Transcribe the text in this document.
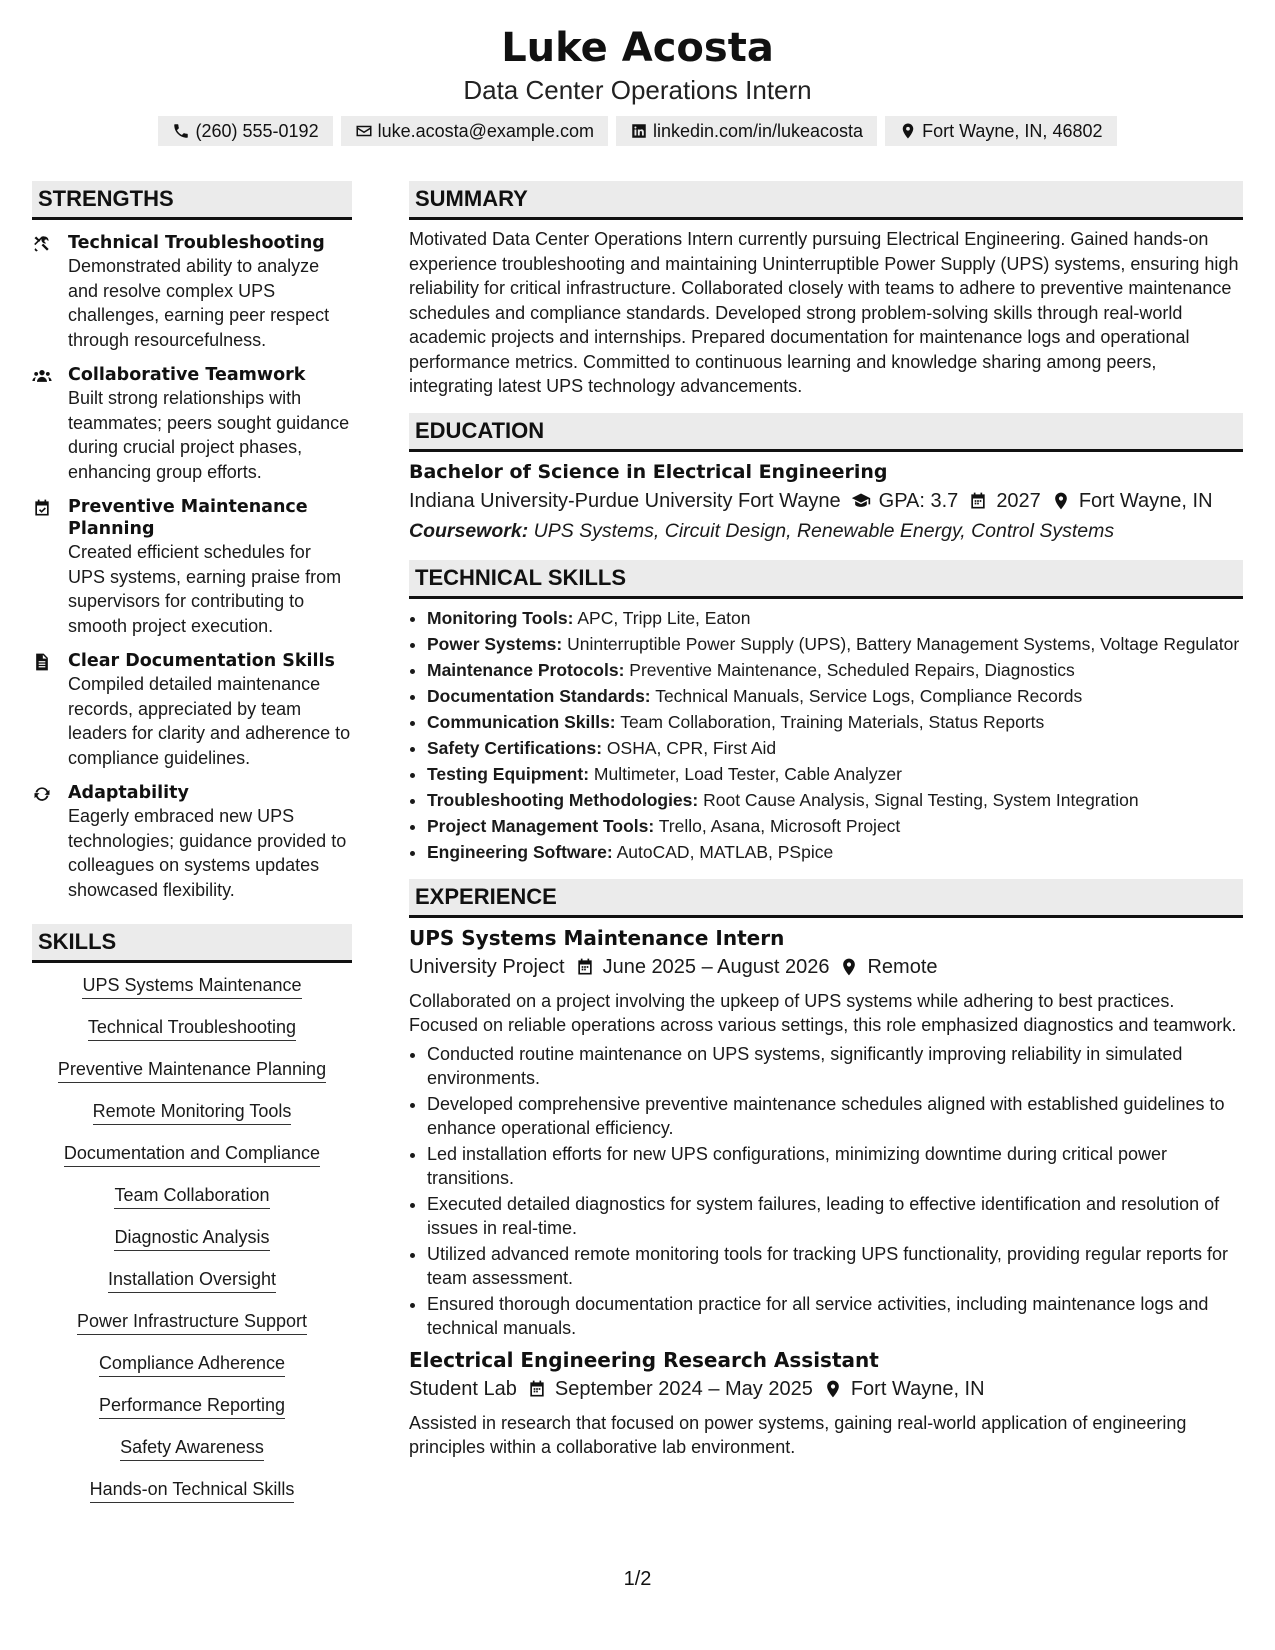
Luke Acosta
Data Center Operations Intern
(260) 555-0192	luke.acosta@example.com	linkedin.com/in/lukeacosta	Fort Wayne, IN, 46802
STRENGTHS
Technical Troubleshooting
Demonstrated ability to analyze and resolve complex UPS challenges, earning peer respect through resourcefulness.
Collaborative Teamwork
Built strong relationships with teammates; peers sought guidance during crucial project phases, enhancing group efforts.
Preventive Maintenance Planning
Created efficient schedules for UPS systems, earning praise from supervisors for contributing to smooth project execution.
Clear Documentation Skills
Compiled detailed maintenance records, appreciated by team leaders for clarity and adherence to compliance guidelines.
Adaptability
Eagerly embraced new UPS technologies; guidance provided to colleagues on systems updates showcased flexibility.
SKILLS
UPS Systems Maintenance
Technical Troubleshooting
Preventive Maintenance Planning
Remote Monitoring Tools
Documentation and Compliance
Team Collaboration
Diagnostic Analysis
Installation Oversight
Power Infrastructure Support
Compliance Adherence
Performance Reporting
Safety Awareness
Hands-on Technical Skills
SUMMARY
Motivated Data Center Operations Intern currently pursuing Electrical Engineering. Gained hands-on experience troubleshooting and maintaining Uninterruptible Power Supply (UPS) systems, ensuring high reliability for critical infrastructure. Collaborated closely with teams to adhere to preventive maintenance schedules and compliance standards. Developed strong problem-solving skills through real-world academic projects and internships. Prepared documentation for maintenance logs and operational performance metrics. Committed to continuous learning and knowledge sharing among peers, integrating latest UPS technology advancements.
EDUCATION
Bachelor of Science in Electrical Engineering
Indiana University-Purdue University Fort Wayne GPA: 3.7 2027 Fort Wayne, IN
Coursework: UPS Systems, Circuit Design, Renewable Energy, Control Systems
TECHNICAL SKILLS
• Monitoring Tools: APC, Tripp Lite, Eaton
• Power Systems: Uninterruptible Power Supply (UPS), Battery Management Systems, Voltage Regulator
• Maintenance Protocols: Preventive Maintenance, Scheduled Repairs, Diagnostics
• Documentation Standards: Technical Manuals, Service Logs, Compliance Records
• Communication Skills: Team Collaboration, Training Materials, Status Reports
• Safety Certifications: OSHA, CPR, First Aid
• Testing Equipment: Multimeter, Load Tester, Cable Analyzer
• Troubleshooting Methodologies: Root Cause Analysis, Signal Testing, System Integration
• Project Management Tools: Trello, Asana, Microsoft Project
• Engineering Software: AutoCAD, MATLAB, PSpice
EXPERIENCE
UPS Systems Maintenance Intern
University Project June 2025 – August 2026 Remote
Collaborated on a project involving the upkeep of UPS systems while adhering to best practices. Focused on reliable operations across various settings, this role emphasized diagnostics and teamwork.
• Conducted routine maintenance on UPS systems, significantly improving reliability in simulated environments.
• Developed comprehensive preventive maintenance schedules aligned with established guidelines to enhance operational efficiency.
• Led installation efforts for new UPS configurations, minimizing downtime during critical power transitions.
• Executed detailed diagnostics for system failures, leading to effective identification and resolution of issues in real-time.
• Utilized advanced remote monitoring tools for tracking UPS functionality, providing regular reports for team assessment.
• Ensured thorough documentation practice for all service activities, including maintenance logs and technical manuals.
Electrical Engineering Research Assistant
Student Lab September 2024 – May 2025 Fort Wayne, IN
Assisted in research that focused on power systems, gaining real-world application of engineering principles within a collaborative lab environment.
1/2
